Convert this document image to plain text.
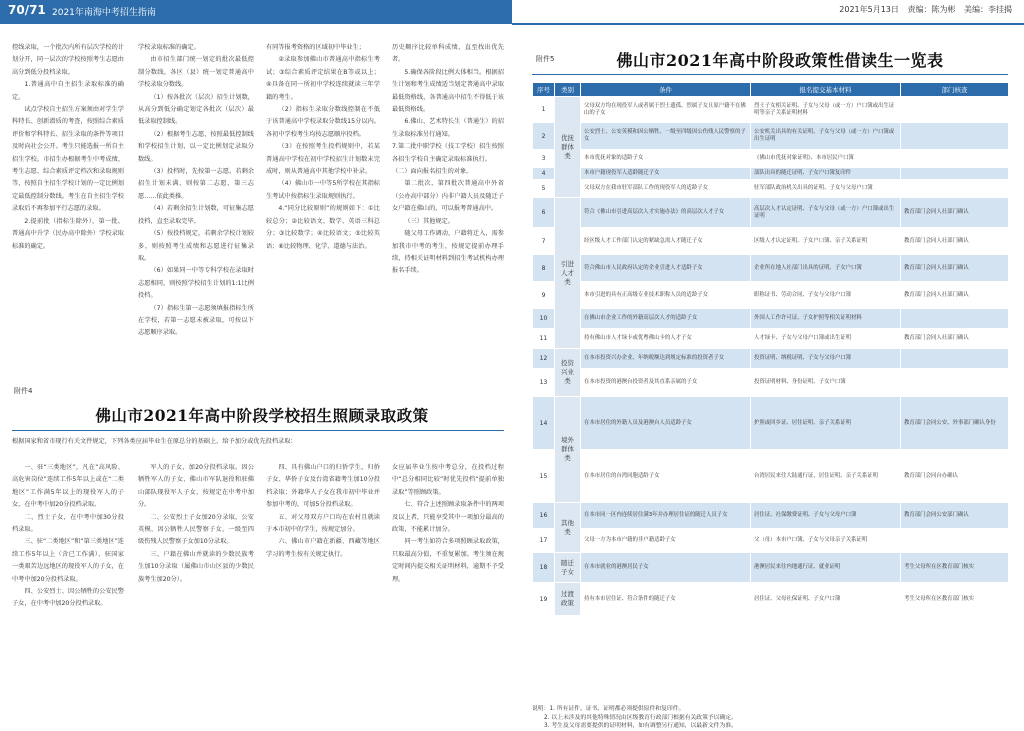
70/71 2021年南海中考招生指南	2021年5月13日 责编：陈为彬 美编：李挂揭

控线录取，一个批次内所有层次学校的计划分开，同一层次的学校按照考生志愿由高分到低分投档录取。

1.普通高中自主招生录取标准的确定。

试点学校自主招生方案须由对学生学科特长、创新潜质的考查，按照综合素质评价和学科特长、招生录取的条件等项目及时向社会公开。考生只能选报一所自主招生学校。市招生办根据考生中考成绩、考生志愿、综合素质评定档次和录取规则等，按照自主招生学校计划的一定比例划定最低控制分数线。考生在自主招生学校录取后不再参加平行志愿的录取。

2.提前批（指标生除外），第一批、普通高中升学（民办高中除外）学校录取标准的确定。

学校录取标准的确定。

由市招生部门统一划定的批次最低控制分数线，各区（县）统一划定普通高中学校录取分数线。

（1）按各批次（层次）招生计划数，从高分到低分确定划定各批次（层次）最低录取控制线。

（2）根据考生志愿，按照最低控制线和学校招生计划，以一定比例划定录取分数线。

（3）投档时，先按第一志愿，若剩余招生计划未满，则按第二志愿、第三志愿……依此类推。

（4）若剩余招生计划数，可征集志愿投档，直至录取完毕。

（5）按投档规定，若剩余学校计划较多，则按照考生成绩和志愿进行征集录取。

（6）如果同一中等专科学校在录取时志愿相同，则按照学校招生计划的1:1比例投档。

（7）指标生第一志愿须填报指标生所在学校，若第一志愿未被录取，可按以下志愿顺序录取。

有同等报考资格的区域初中毕业生；

②录取参加佛山市普通高中指标生考试；③综合素质评定结果在B等或以上；④具备在同一所初中学校连续就读三年学籍的考生。

（2）指标生录取分数线控制在不低于该普通高中学校录取分数线15分以内。各初中学校考生均按志愿顺序投档。

（3）在按照考生投档规则中，若某普通高中学校在初中学校招生计划数未完成时，则从普通高中其他学校中补录。

（4）佛山市一中等5所学校在其指标生考试中按指标生录取规则执行。

4.“同分比较原则”的规则如下：①比较总分；②比较语文、数学、英语三科总分；③比较数学；④比较语文；⑤比较英语；⑥比较物理、化学、道德与法治。

历史顺序比较单科成绩，直至找出优先者。

5.确保各阶段比例大体相当。根据招生计划和考生成绩适当划定普通高中录取最低资格线，各普通高中招生不得低于该最低资格线。

6.佛山、艺术特长生（普通生）的招生录取标准另行通知。

7.第二批中职学校（技工学校）招生按照各招生学校自主确定录取标准执行。

（二）面向报名招生的对象。

第二批次，第四批次普通高中外省（公办高中部分）内非户籍人员及随迁子女户籍在佛山的，可以报考普通高中。

（三）其他规定。

随父母工作调动，户籍将迁入，需参加我市中考的考生，按规定提前办理手续，持相关证明材料到招生考试机构办理报名手续。

附件4
佛山市2021年高中阶段学校招生照顾录取政策
根据国家和省市现行有关文件规定，下列各类应届毕业生在原总分的基础上，给予加分或优先投档录取：

一、驻“三类地区”，凡在“高风险、高危害岗位”连续工作5年以上或在“二类地区”工作满5年以上的现役军人的子女，在中考中加20分投档录取。

二、烈士子女，在中考中加30分投档录取。

三、驻“二类地区”和“第三类地区”连续工作5年以上（含已工作满）、驻国家一类艰苦边远地区的现役军人的子女，在中考中加20分投档录取。

四、公安烈士、因公牺牲的公安民警子女，在中考中加20分投档录取。

军人的子女，加20分投档录取。因公牺牲军人的子女、佛山市军队退役和驻佛山部队现役军人子女，按规定在中考中加分。

二、公安烈士子女加20分录取，公安英模、因公牺牲人民警察子女，一级至四级伤残人民警察子女加10分录取。

三、户籍在佛山并就读的少数民族考生加10分录取（属佛山市山区县的少数民族考生加20分）。

四、具有佛山户口的归侨学生，归侨子女、华侨子女及台湾省籍考生加10分投档录取；外籍华人子女在我市初中毕业并参加中考的，可加5分投档录取。

五、对父母双方户口均在农村且就读于本市初中的学生，按规定加分。

六、佛山市户籍在新疆、西藏等地区学习的考生按有关规定执行。

女应届毕业生按中考总分，在投档过程中“总分相同比较”时优先投档“提前单独录取”等照顾政策。

七、符合上述照顾录取条件中的两项及以上者，只能享受其中一项加分最高的政策，不能累计加分。

同一考生如符合多项照顾录取政策，只取最高分值，不重复累加。考生须在规定时间内提交相关证明材料，逾期不予受理。

附件5	佛山市2021年高中阶段政策性借读生一览表
序号	类别	条件	报名提交基本材料	部门核查
1	优抚群体类	父母双方均在现役军人或者属于烈士遗孤、烈属子女且原户籍不在佛山的子女	烈士子女相关证明、子女与父母（或一方）户口簿或出生证明等亲子关系证明材料	
2		公安烈士、公安英模和因公牺牲、一级至四级因公伤残人民警察的子女	公安机关出具的有关证明、子女与父母（或一方）户口簿或出生证明	
3		本市优抚对象的适龄子女	《佛山市优抚对象证明》、本市居民户口簿	
4		本市户籍现役军人适龄随迁子女	部队出具的随迁证明、子女户口簿复印件	
5		父母双方在我市驻军部队工作的现役军人的适龄子女	驻军部队政治机关出具的证明、子女与父母户口簿	
6	引进人才类	符合《佛山市引进高层次人才实施办法》的高层次人才子女	高层次人才认定证明、子女与父母（或一方）户口簿或出生证明	教育部门会同人社部门确认
7		经区级人才工作部门认定的紧缺急需人才随迁子女	区级人才认定证明、子女户口簿、亲子关系证明	教育部门会同人社部门确认
8		符合佛山市人民政府认定的企业引进人才适龄子女	企业所在地人社部门出具的证明、子女户口簿	教育部门会同人社部门确认
9		本市引进的具有正高级专业技术职称人员的适龄子女	职称证书、劳动合同、子女与父母户口簿	教育部门会同人社部门确认
10		在佛山市企业工作的外籍高层次人才的适龄子女	外国人工作许可证、子女护照等相关证明材料	
11		持有佛山市人才绿卡或优粤佛山卡的人才子女	人才绿卡、子女与父母户口簿或出生证明	教育部门会同人社部门确认
12	投资兴业类	在本市投资兴办企业、年纳税额达到规定标准的投资者子女	投资证明、纳税证明、子女与父母户口簿	
13		在本市投资的港澳台投资者及其直系亲属的子女	投资证明材料、身份证明、子女户口簿	
14	境外群体类	在本市居住的外籍人员及港澳台人员适龄子女	护照或回乡证、居住证明、亲子关系证明	教育部门会同公安、外事部门确认身份
15		在本市居住的台湾同胞适龄子女	台湾居民来往大陆通行证、居住证明、亲子关系证明	教育部门会同台办确认
16	其他类	在本市同一区内连续居住满3年并办理居住证的随迁人员子女	居住证、社保缴费证明、子女与父母户口簿	教育部门会同公安部门确认
17		父母一方为本市户籍的非户籍适龄子女	父（母）本市户口簿、子女与父母亲子关系证明	
18	随迁子女	在本市就业的港澳居民子女	港澳居民来往内地通行证、就业证明	考生父母所在区教育部门核实
19	过渡政策	持有本市居住证、符合条件的随迁子女	居住证、父母社保证明、子女户口簿	考生父母所在区教育部门核实
说明：1. 所有证件、证书、证明都必须提供原件和复印件。
2. 以上未涉及的其他特殊情况由区级教育行政部门根据有关政策予以确定。
3. 考生及父母需要提供的证明材料，如有调整另行通知，以最新文件为准。
